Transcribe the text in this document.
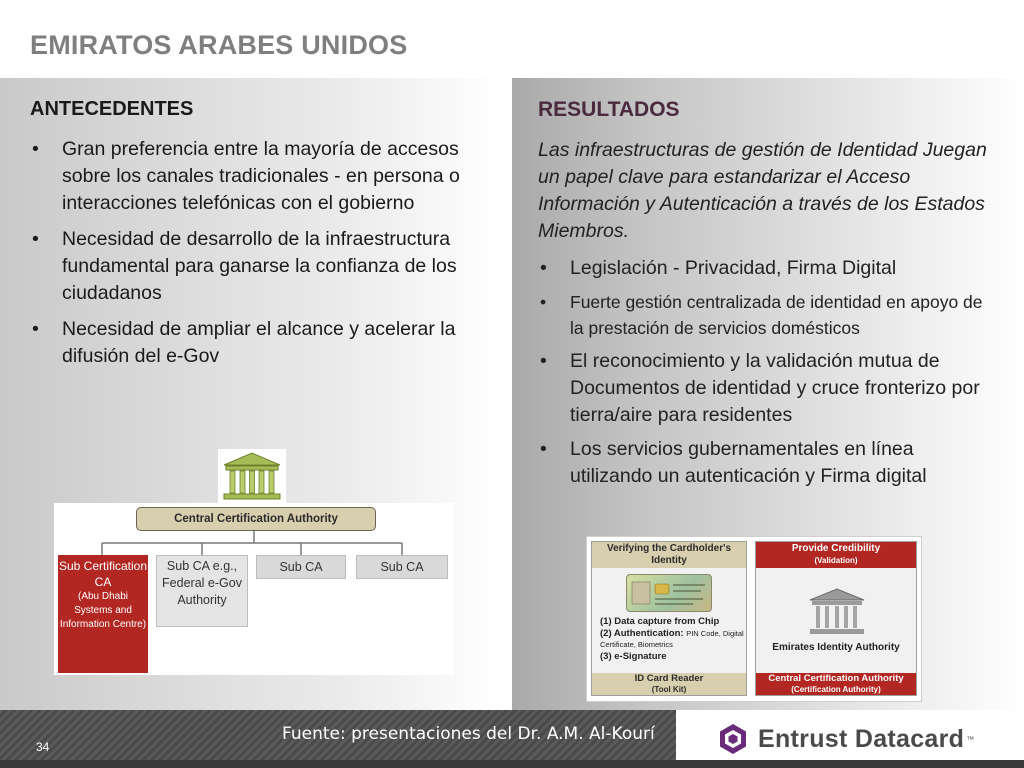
EMIRATOS ARABES UNIDOS
ANTECEDENTES
• Gran preferencia entre la mayoría de accesos sobre los canales tradicionales - en persona o interacciones telefónicas con el gobierno
• Necesidad de desarrollo de la infraestructura fundamental para ganarse la confianza de los ciudadanos
• Necesidad de ampliar el alcance y acelerar la difusión del e-Gov
RESULTADOS
Las infraestructuras de gestión de Identidad Juegan un papel clave para estandarizar el Acceso Información y Autenticación a través de los Estados Miembros.
• Legislación - Privacidad, Firma Digital
• Fuerte gestión centralizada de identidad en apoyo de la prestación de servicios domésticos
• El reconocimiento y la validación mutua de Documentos de identidad y cruce fronterizo por tierra/aire para residentes
• Los servicios gubernamentales en línea utilizando un autenticación y Firma digital
Central Certification Authority
Sub Certification CA
(Abu Dhabi Systems and Information Centre)
Sub CA e.g., Federal e-Gov Authority
Sub CA	Sub CA
Verifying the Cardholder's Identity
(1) Data capture from Chip
(2) Authentication: PIN Code, Digital Certificate, Biometrics
(3) e-Signature
ID Card Reader
(Tool Kit)
Provide Credibility
(Validation)
Emirates Identity Authority
Central Certification Authority
(Certification Authority)
34
Fuente: presentaciones del Dr. A.M. Al-Kourí	Entrust Datacard ™
